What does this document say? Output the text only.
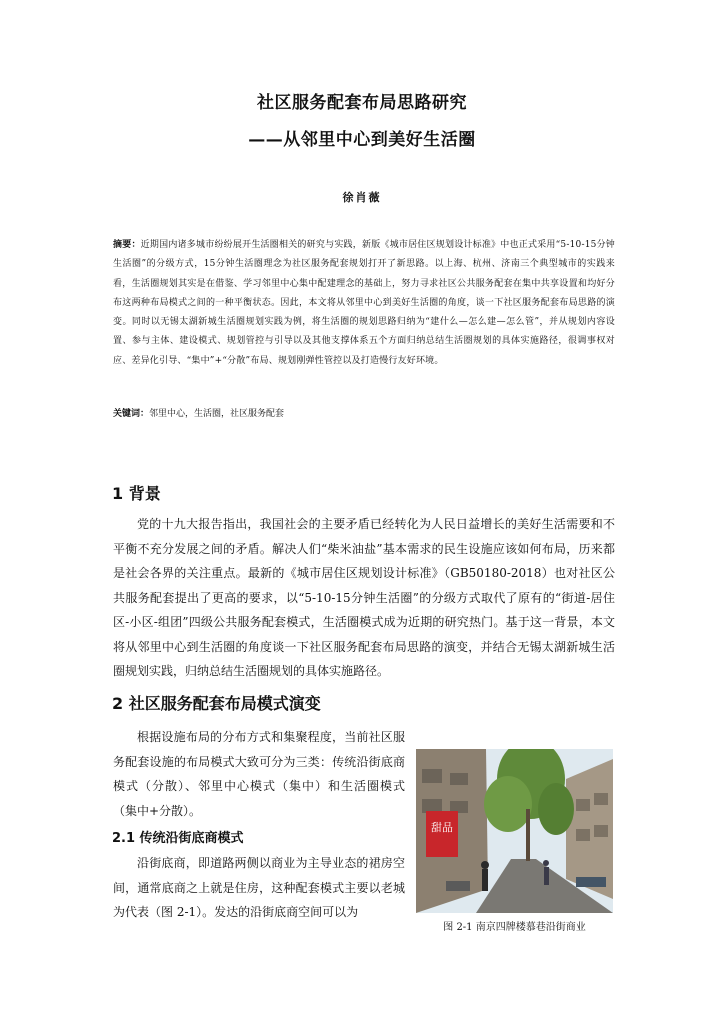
社区服务配套布局思路研究
——从邻里中心到美好生活圈
徐肖薇
摘要：近期国内诸多城市纷纷展开生活圈相关的研究与实践，新版《城市居住区规划设计标准》中也正式采用“5-10-15分钟生活圈”的分级方式，15分钟生活圈理念为社区服务配套规划打开了新思路。以上海、杭州、济南三个典型城市的实践来看，生活圈规划其实是在借鉴、学习邻里中心集中配建理念的基础上，努力寻求社区公共服务配套在集中共享设置和均好分布这两种布局模式之间的一种平衡状态。因此，本文将从邻里中心到美好生活圈的角度，谈一下社区服务配套布局思路的演变。同时以无锡太湖新城生活圈规划实践为例，将生活圈的规划思路归纳为“建什么—怎么建—怎么管”，并从规划内容设置、参与主体、建设模式、规划管控与引导以及其他支撑体系五个方面归纳总结生活圈规划的具体实施路径，很调事权对应、差异化引导、“集中”+“分散”布局、规划刚弹性管控以及打造慢行友好环境。
关键词：邻里中心，生活圈，社区服务配套
1 背景
党的十九大报告指出，我国社会的主要矛盾已经转化为人民日益增长的美好生活需要和不平衡不充分发展之间的矛盾。解决人们“柴米油盐”基本需求的民生设施应该如何布局，历来都是社会各界的关注重点。最新的《城市居住区规划设计标准》（GB50180-2018）也对社区公共服务配套提出了更高的要求，以“5-10-15分钟生活圈”的分级方式取代了原有的“街道-居住区-小区-组团”四级公共服务配套模式，生活圈模式成为近期的研究热门。基于这一背景，本文将从邻里中心到生活圈的角度谈一下社区服务配套布局思路的演变，并结合无锡太湖新城生活圈规划实践，归纳总结生活圈规划的具体实施路径。
2 社区服务配套布局模式演变
根据设施布局的分布方式和集聚程度，当前社区服务配套设施的布局模式大致可分为三类：传统沿街底商模式（分散）、邻里中心模式（集中）和生活圈模式（集中+分散）。
2.1 传统沿街底商模式
沿街底商，即道路两侧以商业为主导业态的裙房空间，通常底商之上就是住房，这种配套模式主要以老城为代表（图 2-1）。发达的沿街底商空间可以为
甜品
图 2-1 南京四牌楼慕巷沿街商业
